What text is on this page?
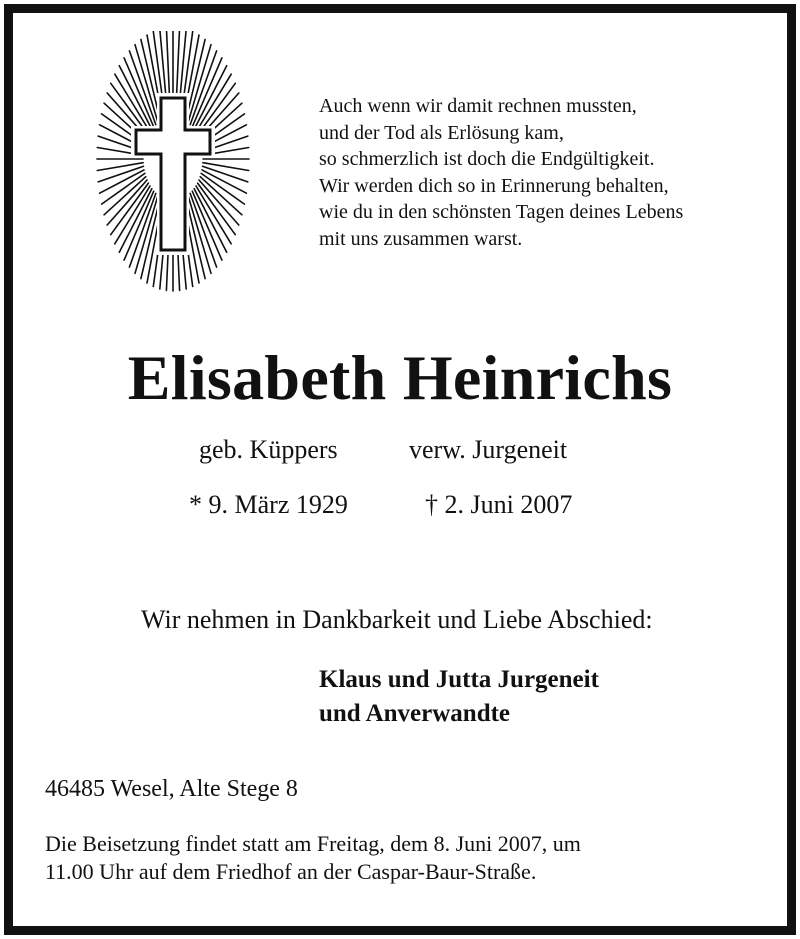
Auch wenn wir damit rechnen mussten,
und der Tod als Erlösung kam,
so schmerzlich ist doch die Endgültigkeit.
Wir werden dich so in Erinnerung behalten,
wie du in den schönsten Tagen deines Lebens
mit uns zusammen warst.
Elisabeth Heinrichs
geb. Küppers	verw. Jurgeneit
* 9. März 1929	† 2. Juni 2007
Wir nehmen in Dankbarkeit und Liebe Abschied:
Klaus und Jutta Jurgeneit
und Anverwandte
46485 Wesel, Alte Stege 8
Die Beisetzung findet statt am Freitag, dem 8. Juni 2007, um
11.00 Uhr auf dem Friedhof an der Caspar-Baur-Straße.
